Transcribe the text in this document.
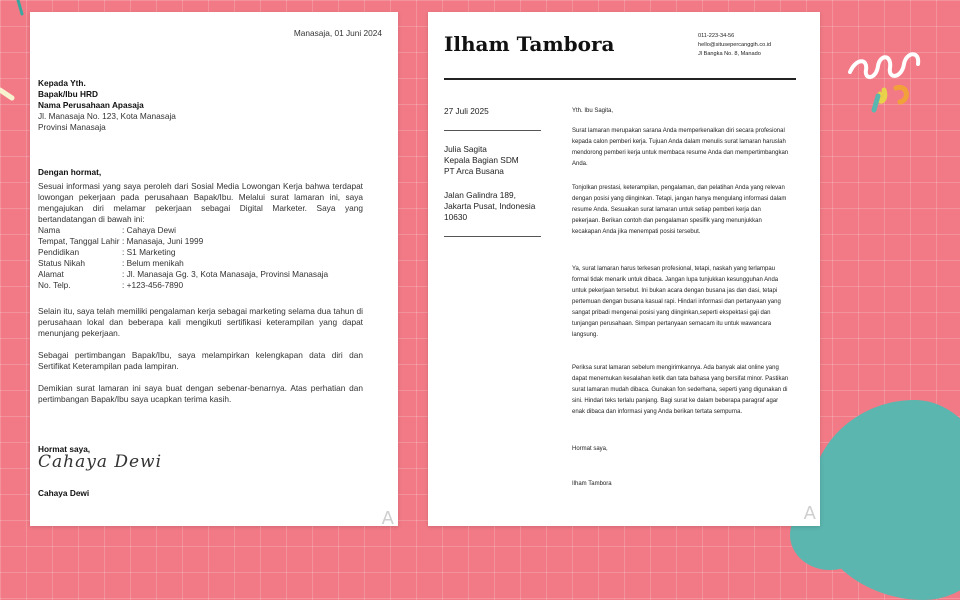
Manasaja, 01 Juni 2024
Kepada Yth.
Bapak/Ibu HRD
Nama Perusahaan Apasaja
Jl. Manasaja No. 123, Kota Manasaja
Provinsi Manasaja
Dengan hormat,
Sesuai informasi yang saya peroleh dari Sosial Media Lowongan Kerja bahwa terdapat lowongan pekerjaan pada perusahaan Bapak/Ibu. Melalui surat lamaran ini, saya mengajukan diri melamar pekerjaan sebagai Digital Marketer. Saya yang bertandatangan di bawah ini:
Nama	: Cahaya Dewi
Tempat, Tanggal Lahir	: Manasaja, Juni 1999
Pendidikan	: S1 Marketing
Status Nikah	: Belum menikah
Alamat	: Jl. Manasaja Gg. 3, Kota Manasaja, Provinsi Manasaja
No. Telp.	: +123-456-7890
Selain itu, saya telah memiliki pengalaman kerja sebagai marketing selama dua tahun di perusahaan lokal dan beberapa kali mengikuti sertifikasi keterampilan yang dapat menunjang pekerjaan.
Sebagai pertimbangan Bapak/Ibu, saya melampirkan kelengkapan data diri dan Sertifikat Keterampilan pada lampiran.
Demikian surat lamaran ini saya buat dengan sebenar-benarnya. Atas perhatian dan pertimbangan Bapak/Ibu saya ucapkan terima kasih.
Hormat saya,
Cahaya Dewi
Cahaya Dewi
A
Ilham Tambora	011-223-34-56
hello@situsepercanggih.co.id
Jl Bangka No. 8, Manado
27 Juli 2025
Julia Sagita
Kepala Bagian SDM
PT Arca Busana
Jalan Galindra 189,
Jakarta Pusat, Indonesia
10630
Yth. Ibu Sagita,
Surat lamaran merupakan sarana Anda memperkenalkan diri secara profesional kepada calon pemberi kerja. Tujuan Anda dalam menulis surat lamaran haruslah mendorong pemberi kerja untuk membaca resume Anda dan mempertimbangkan Anda.
Tonjolkan prestasi, keterampilan, pengalaman, dan pelatihan Anda yang relevan dengan posisi yang diinginkan. Tetapi, jangan hanya mengulang informasi dalam resume Anda. Sesuaikan surat lamaran untuk setiap pemberi kerja dan pekerjaan. Berikan contoh dan pengalaman spesifik yang menunjukkan kecakapan Anda jika menempati posisi tersebut.
Ya, surat lamaran harus terkesan profesional, tetapi, naskah yang terlampau formal tidak menarik untuk dibaca. Jangan lupa tunjukkan kesungguhan Anda untuk pekerjaan tersebut. Ini bukan acara dengan busana jas dan dasi, tetapi pertemuan dengan busana kasual rapi. Hindari informasi dan pertanyaan yang sangat pribadi mengenai posisi yang diinginkan,seperti ekspektasi gaji dan tunjangan perusahaan. Simpan pertanyaan semacam itu untuk wawancara langsung.
Periksa surat lamaran sebelum mengirimkannya. Ada banyak alat online yang dapat menemukan kesalahan ketik dan tata bahasa yang bersifat minor. Pastikan surat lamaran mudah dibaca. Gunakan fon sederhana, seperti yang digunakan di sini. Hindari teks terlalu panjang. Bagi surat ke dalam beberapa paragraf agar enak dibaca dan informasi yang Anda berikan tertata sempurna.
Hormat saya,
Ilham Tambora
A
